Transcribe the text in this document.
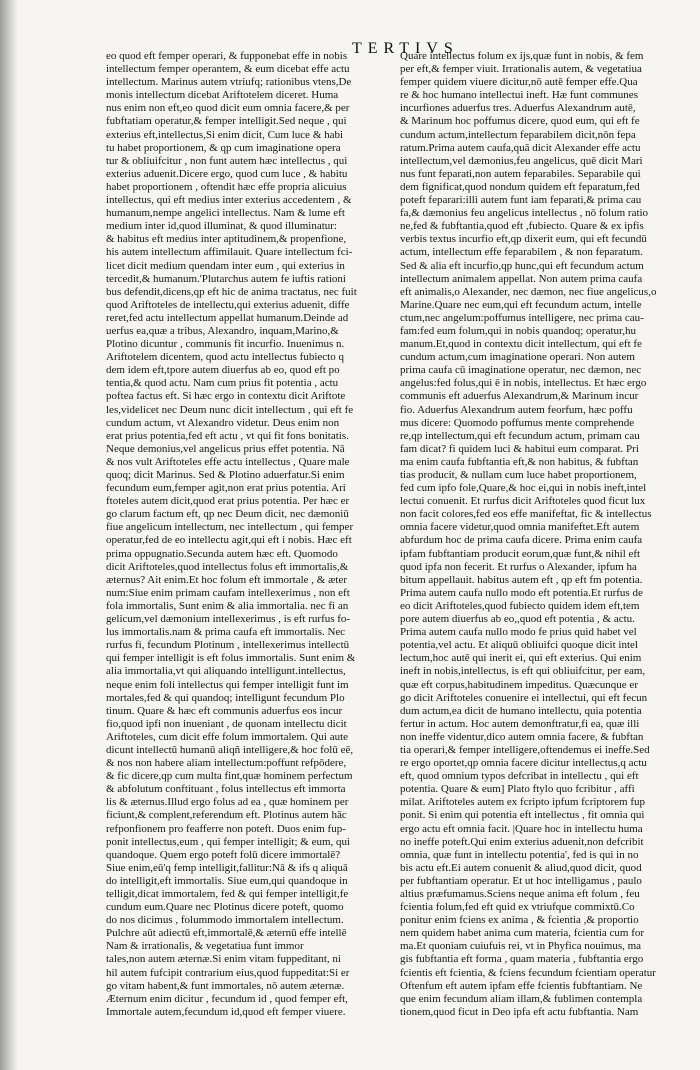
TERTIVS

eo quod eft femper operari, & fupponebat effe in nobis

intellectum femper operantem, & eum dicebat effe actu

intellectum. Marinus autem vtriufq; rationibus vtens,De

monis intellectum dicebat Ariftotelem diceret. Huma

nus enim non eft,eo quod dicit eum omnia facere,& per

fubftatiam operatur,& femper intelligit.Sed neque , qui

exterius eft,intellectus,Si enim dicit, Cum luce & habi

tu habet proportionem, & qp cum imaginatione opera

tur & obliuifcitur , non funt autem hæc intellectus , qui

exterius aduenit.Dicere ergo, quod cum luce , & habitu

habet proportionem , oftendit hæc effe propria alicuius

intellectus, qui eft medius inter exterius accedentem , &

humanum,nempe angelici intellectus. Nam & lume eft

medium inter id,quod illuminat, & quod illuminatur:

& habitus eft medius inter aptitudinem,& propenfione,

his autem intellectum affimilauit. Quare intellectum fci-

licet dicit medium quendam inter eum , qui exterius in

tercedit,& humanum.'Plutarchus autem fe iuftis rationi

bus defendit,dicens,qp eft hic de anima tractatus, nec fuit

quod Ariftoteles de intellectu,qui exterius aduenit, diffe

reret,fed actu intellectum appellat humanum.Deinde ad

uerfus ea,quæ a tribus, Alexandro, inquam,Marino,&

Plotino dicuntur , communis fit incurfio. Inuenimus n.

Ariftotelem dicentem, quod actu intellectus fubiecto q

dem idem eft,tpore autem diuerfus ab eo, quod eft po

tentia,& quod actu. Nam cum prius fit potentia , actu

poftea factus eft. Si hæc ergo in contextu dicit Ariftote

les,videlicet nec Deum nunc dicit intellectum , qui eft fe

cundum actum, vt Alexandro videtur. Deus enim non

erat prius potentia,fed eft actu , vt qui fit fons bonitatis.

Neque demonius,vel angelicus prius effet potentia. Nā

& nos vult Ariftoteles effe actu intellectus , Quare male

quoq; dicit Marinus. Sed & Plotino aduerfatur.Si enim

fecundum eum,femper agit,non erat prius potentia. Ari

ftoteles autem dicit,quod erat prius potentia. Per hæc er

go clarum factum eft, qp nec Deum dicit, nec dæmoniū

fiue angelicum intellectum, nec intellectum , qui femper

operatur,fed de eo intellectu agit,qui eft i nobis. Hæc eft

prima oppugnatio.Secunda autem hæc eft. Quomodo

dicit Ariftoteles,quod intellectus folus eft immortalis,&

æternus? Ait enim.Et hoc folum eft immortale , & æter

num:Siue enim primam caufam intellexerimus , non eft

fola immortalis, Sunt enim & alia immortalia. nec fi an

gelicum,vel dæmonium intellexerimus , is eft rurfus fo-

lus immortalis.nam & prima caufa eft immortalis. Nec

rurfus fi, fecundum Plotinum , intellexerimus intellectū

qui femper intelligit is eft folus immortalis. Sunt enim &

alia immortalia,vt qui aliquando intelligunt.intellectus,

neque enim foli intellectus qui femper intelligit funt im

mortales,fed & qui quandoq; intelligunt fecundum Plo

tinum. Quare & hæc eft communis aduerfus eos incur

fio,quod ipfi non inueniant , de quonam intellectu dicit

Ariftoteles, cum dicit effe folum immortalem. Qui aute

dicunt intellectū humanū aliqñ intelligere,& hoc folū eē,

& nos non habere aliam intellectum:poffunt refpōdere,

& fic dicere,qp cum multa fint,quæ hominem perfectum

& abfolutum conftituant , folus intellectus eft immorta

lis & æternus.Illud ergo folus ad ea , quæ hominem per

ficiunt,& complent,referendum eft. Plotinus autem hāc

refponfionem pro feafferre non poteft. Duos enim fup-

ponit intellectus,eum , qui femper intelligit; & eum, qui

quandoque. Quem ergo poteft folū dicere immortalē?

Siue enim,eū'q femp intelligit,fallitur:Nā & ifs q aliquā

do intelligit,eft immortalis. Siue eum,qui quandoque in

telligit,dicat immortalem, fed & qui femper intelligit,fe

cundum eum.Quare nec Plotinus dicere poteft, quomo

do nos dicimus , folummodo immortalem intellectum.

Pulchre aūt adiectū eft,immortalē,& æternū effe intellē

Nam & irrationalis, & vegetatiua funt immor

tales,non autem æternæ.Si enim vitam fuppeditant, ni

hil autem fufcipit contrarium eius,quod fuppeditat:Si er

go vitam habent,& funt immortales, nō autem æternæ.

Æternum enim dicitur , fecundum id , quod femper eft,

Immortale autem,fecundum id,quod eft femper viuere.

Quare intellectus folum ex ijs,quæ funt in nobis, & fem

per eft,& femper viuit. Irrationalis autem, & vegetatiua

femper quidem viuere dicitur,nō autē femper effe.Qua

re & hoc humano intellectui ineft. Hæ funt communes

incurfiones aduerfus tres. Aduerfus Alexandrum autē,

& Marinum hoc poffumus dicere, quod eum, qui eft fe

cundum actum,intellectum feparabilem dicit,nōn fepa

ratum.Prima autem caufa,quā dicit Alexander effe actu

intellectum,vel dæmonius,feu angelicus, quē dicit Mari

nus funt feparati,non autem feparabiles. Separabile qui

dem fignificat,quod nondum quidem eft feparatum,fed

poteft feparari:illi autem funt iam feparati,& prima cau

fa,& dæmonius feu angelicus intellectus , nō folum ratio

ne,fed & fubftantia,quod eft ,fubiecto. Quare & ex ipfis

verbis textus incurfio eft,qp dixerit eum, qui eft fecundū

actum, intellectum effe feparabilem , & non feparatum.

Sed & alia eft incurfio,qp hunc,qui eft fecundum actum

intellectum animalem appellat. Non autem prima caufa

eft animalis,o Alexander, nec dæmon, nec fiue angelicus,o

Marine.Quare nec eum,qui eft fecundum actum, intelle

ctum,nec angelum:poffumus intelligere, nec prima cau-

fam:fed eum folum,qui in nobis quandoq; operatur,hu

manum.Et,quod in contextu dicit intellectum, qui eft fe

cundum actum,cum imaginatione operari. Non autem

prima caufa cū imaginatione operatur, nec dæmon, nec

angelus:fed folus,qui ē in nobis, intellectus. Et hæc ergo

communis eft aduerfus Alexandrum,& Marinum incur

fio. Aduerfus Alexandrum autem feorfum, hæc poffu

mus dicere: Quomodo poffumus mente comprehende

re,qp intellectum,qui eft fecundum actum, primam cau

fam dicat? fi quidem luci & habitui eum comparat. Pri

ma enim caufa fubftantia eft,& non habitus, & fubftan

tias producit, & nullam cum luce habet proportionem,

fed cum ipfo fole,Quare,& hoc ei,qui in nobis ineft,intel

lectui conuenit. Et rurfus dicit Ariftoteles quod ficut lux

non facit colores,fed eos effe manifeftat, fic & intellectus

omnia facere videtur,quod omnia manifeftet.Eft autem

abfurdum hoc de prima caufa dicere. Prima enim caufa

ipfam fubftantiam producit eorum,quæ funt,& nihil eft

quod ipfa non fecerit. Et rurfus o Alexander, ipfum ha

bitum appellauit. habitus autem eft , qp eft fm potentia.

Prima autem caufa nullo modo eft potentia.Et rurfus de

eo dicit Ariftoteles,quod fubiecto quidem idem eft,tem

pore autem diuerfus ab eo,,quod eft potentia , & actu.

Prima autem caufa nullo modo fe prius quid habet vel

potentia,vel actu. Et aliquū obliuifci quoque dicit intel

lectum,hoc autē qui inerit ei, qui eft exterius. Qui enim

ineft in nobis,intellectus, is eft qui obliuifcitur, per eam,

quæ eft corpus,habitudinem impeditus. Quæcunque er

go dicit Ariftoteles conuenire ei intellectui, qui eft fecun

dum actum,ea dicit de humano intellectu, quia potentia

fertur in actum. Hoc autem demonftratur,fi ea, quæ illi

non ineffe videntur,dico autem omnia facere, & fubftan

tia operari,& femper intelligere,oftendemus ei ineffe.Sed

re ergo oportet,qp omnia facere dicitur intellectus,q actu

eft, quod omnium typos defcribat in intellectu , qui eft

potentia. Quare & eum] Plato ftylo quo fcribitur , affi

milat. Ariftoteles autem ex fcripto ipfum fcriptorem fup

ponit. Si enim qui potentia eft intellectus , fit omnia qui

ergo actu eft omnia facit. |Quare hoc in intellectu huma

no ineffe poteft.Qui enim exterius aduenit,non defcribit

omnia, quæ funt in intellectu potentia', fed is qui in no

bis actu eft.Ei autem conuenit & aliud,quod dicit, quod

per fubftantiam operatur. Et ut hoc intelligamus , paulo

altius præfumamus.Sciens neque anima eft folum , feu

fcientia folum,fed eft quid ex vtriufque commixtū.Co

ponitur enim fciens ex anima , & fcientia ,& proportio

nem quidem habet anima cum materia, fcientia cum for

ma.Et quoniam cuiufuis rei, vt in Phyfica nouimus, ma

gis fubftantia eft forma , quam materia , fubftantia ergo

fcientis eft fcientia, & fciens fecundum fcientiam operatur

Oftenfum eft autem ipfam effe fcientis fubftantiam. Ne

que enim fecundum aliam illam,& fublimen contempla

tionem,quod ficut in Deo ipfa eft actu fubftantia. Nam
